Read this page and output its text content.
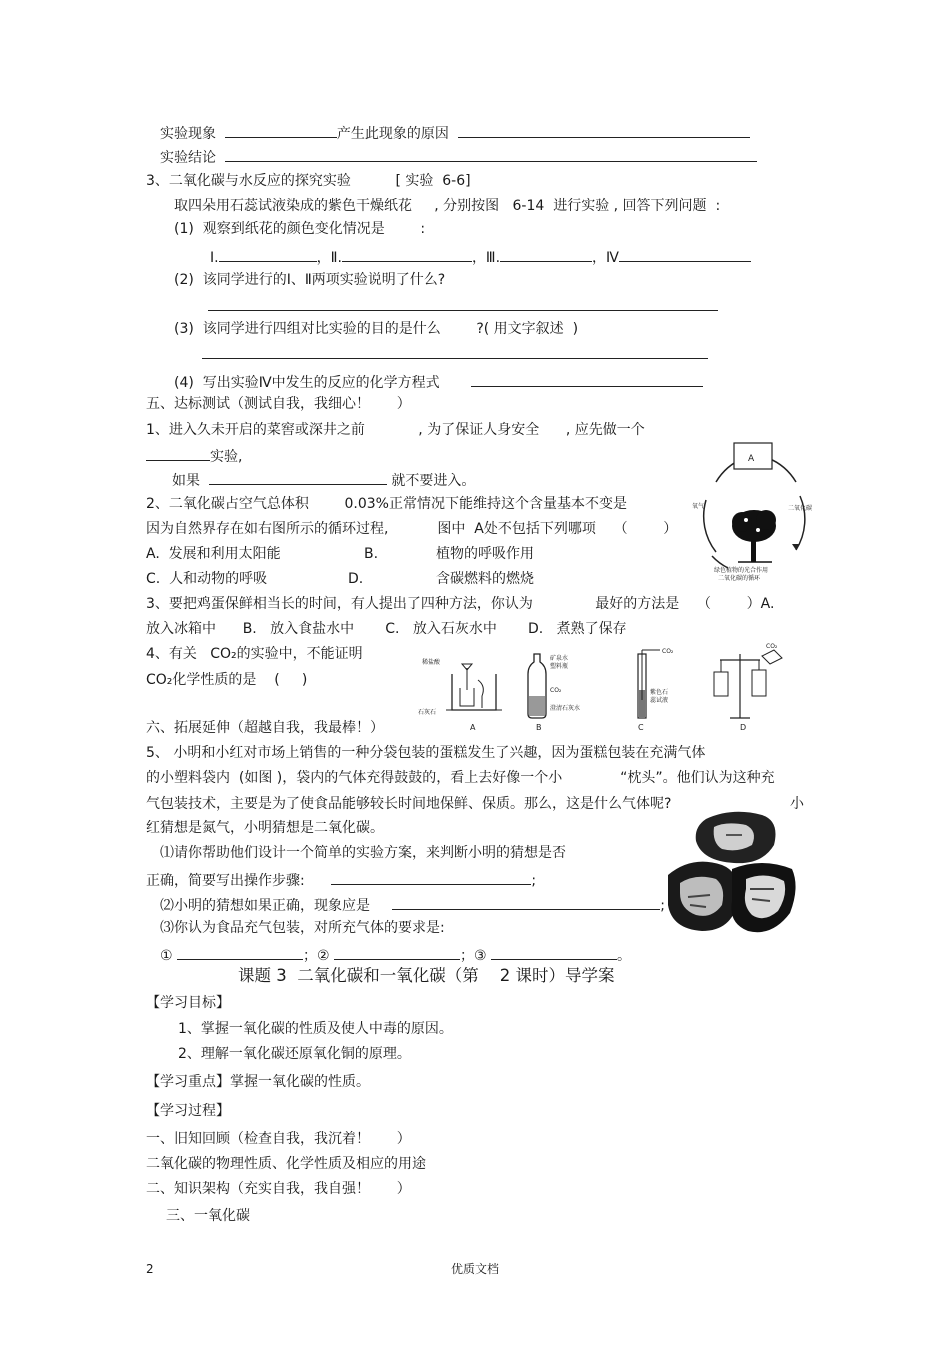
实验现象	产生此现象的原因
实验结论
3、二氧化碳与水反应的探究实验	[ 实验  6-6]
取四朵用石蕊试液染成的紫色干燥纸花 , 分别按图   6-14  进行实验 , 回答下列问题  :
(1)  观察到纸花的颜色变化情况是        :
Ⅰ.	，Ⅱ.	，Ⅲ.	，Ⅳ
(2)  该同学进行的Ⅰ、Ⅱ两项实验说明了什么?
(3)  该同学进行四组对比实验的目的是什么        ?( 用文字叙述  )
(4)  写出实验Ⅳ中发生的反应的化学方程式
五、达标测试（测试自我，我细心！      ）
1、进入久未开启的菜窖或深井之前            , 为了保证人身安全      , 应先做一个
实验,
如果	就不要进入。
2、二氧化碳占空气总体积        0.03%正常情况下能维持这个含量基本不变是
因为自然界存在如右图所示的循环过程,           图中  A处不包括下列哪项    （        ）
A.  发展和利用太阳能	B.	植物的呼吸作用
C.  人和动物的呼吸	D.	含碳燃料的燃烧
3、要把鸡蛋保鲜相当长的时间，有人提出了四种方法，你认为              最好的方法是    （        ）A.
放入冰箱中      B.   放入食盐水中       C.   放入石灰水中       D.   煮熟了保存
4、有关   CO₂的实验中，不能证明
CO₂化学性质的是    (     )
六、拓展延伸（超越自我，我最棒！）
5、 小明和小红对市场上销售的一种分袋包装的蛋糕发生了兴趣，因为蛋糕包装在充满气体
的小塑料袋内  (如图 )，袋内的气体充得鼓鼓的，看上去好像一个小             “枕头”。他们认为这种充
气包装技术，主要是为了使食品能够较长时间地保鲜、保质。那么，这是什么气体呢?	小
红猜想是氮气，小明猜想是二氧化碳。
⑴请你帮助他们设计一个简单的实验方案，来判断小明的猜想是否
正确，简要写出操作步骤:	;
⑵小明的猜想如果正确，现象应是	;
⑶你认为食品充气包装，对所充气体的要求是:
①	；②	；③	。
课题 3  二氧化碳和一氧化碳（第    2 课时）导学案
【学习目标】
1、掌握一氧化碳的性质及使人中毒的原因。
2、理解一氧化碳还原氧化铜的原理。
【学习重点】掌握一氧化碳的性质。
【学习过程】
一、旧知回顾（检查自我，我沉着！      ）
二氧化碳的物理性质、化学性质及相应的用途
二、知识架构（充实自我，我自强！      ）
三、一氧化碳
2	优质文档
A
氧气	二氧化碳
绿色植物的光合作用
二氧化碳的循环
稀盐酸
石灰石
A
矿泉水
塑料瓶
CO₂
澄清石灰水
B
CO₂
紫色石
蕊试液
C
CO₂
D
